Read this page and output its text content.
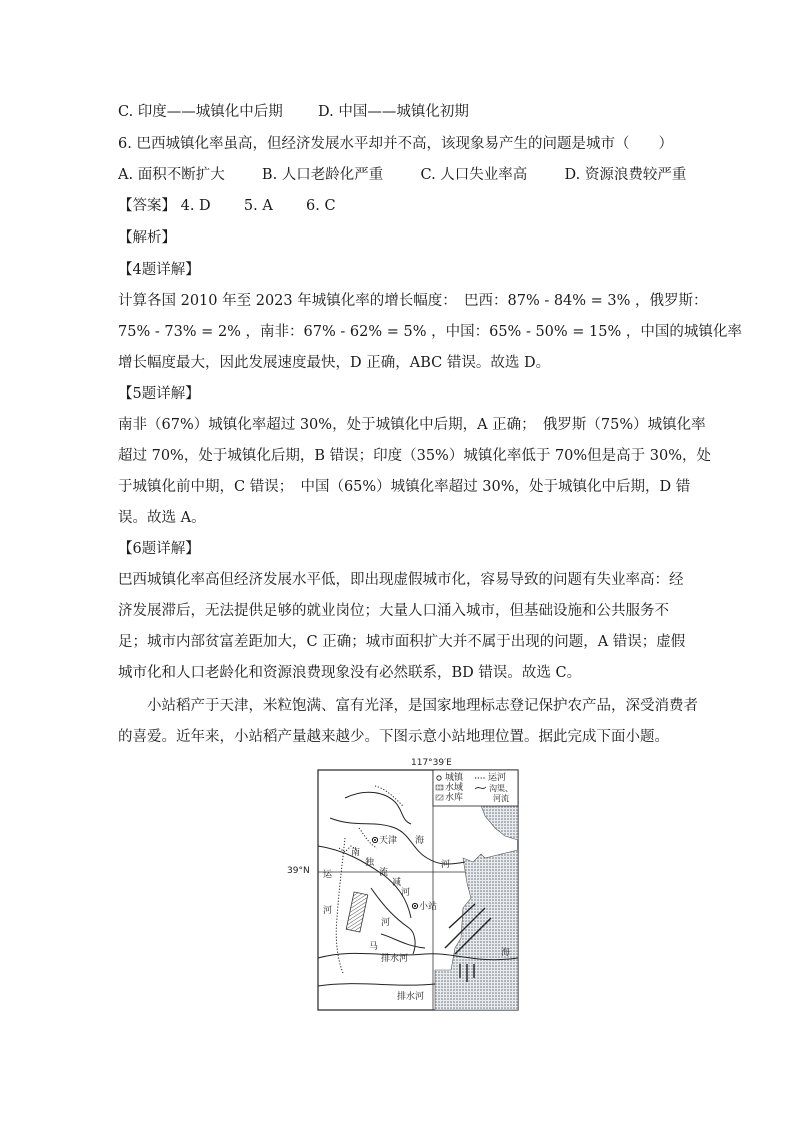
C. 印度——城镇化中后期 D. 中国——城镇化初期
6. 巴西城镇化率虽高，但经济发展水平却并不高，该现象易产生的问题是城市（　　）
A. 面积不断扩大	B. 人口老龄化严重	C. 人口失业率高	D. 资源浪费较严重
【答案】 4. D 5. A 6. C
【解析】
【4题详解】
计算各国 2010 年至 2023 年城镇化率的增长幅度：　巴西：87% - 84% = 3% ，俄罗斯：
75% - 73% = 2% ，南非：67% - 62% = 5% ，中国：65% - 50% = 15% ，中国的城镇化率
增长幅度最大，因此发展速度最快，D 正确，ABC 错误。故选 D。
【5题详解】
南非（67%）城镇化率超过 30%，处于城镇化中后期，A 正确；　俄罗斯（75%）城镇化率
超过 70%，处于城镇化后期，B 错误；印度（35%）城镇化率低于 70%但是高于 30%，处
于城镇化前中期，C 错误；　中国（65%）城镇化率超过 30%，处于城镇化中后期，D 错
误。故选 A。
【6题详解】
巴西城镇化率高但经济发展水平低，即出现虚假城市化，容易导致的问题有失业率高：经
济发展滞后，无法提供足够的就业岗位；大量人口涌入城市，但基础设施和公共服务不
足；城市内部贫富差距加大，C 正确；城市面积扩大并不属于出现的问题，A 错误；虚假
城市化和人口老龄化和资源浪费现象没有必然联系，BD 错误。故选 C。
　　小站稻产于天津，米粒饱满、富有光泽，是国家地理标志登记保护农产品，深受消费者
的喜爱。近年来，小站稻产量越来越少。下图示意小站地理位置。据此完成下面小题。
117°39′E
39°N
城镇
水域
水库
运河
沟渠、河流
天津 海
河
南
独
流
减
河
运
河	小站
河
马
排水河
排水河
海
